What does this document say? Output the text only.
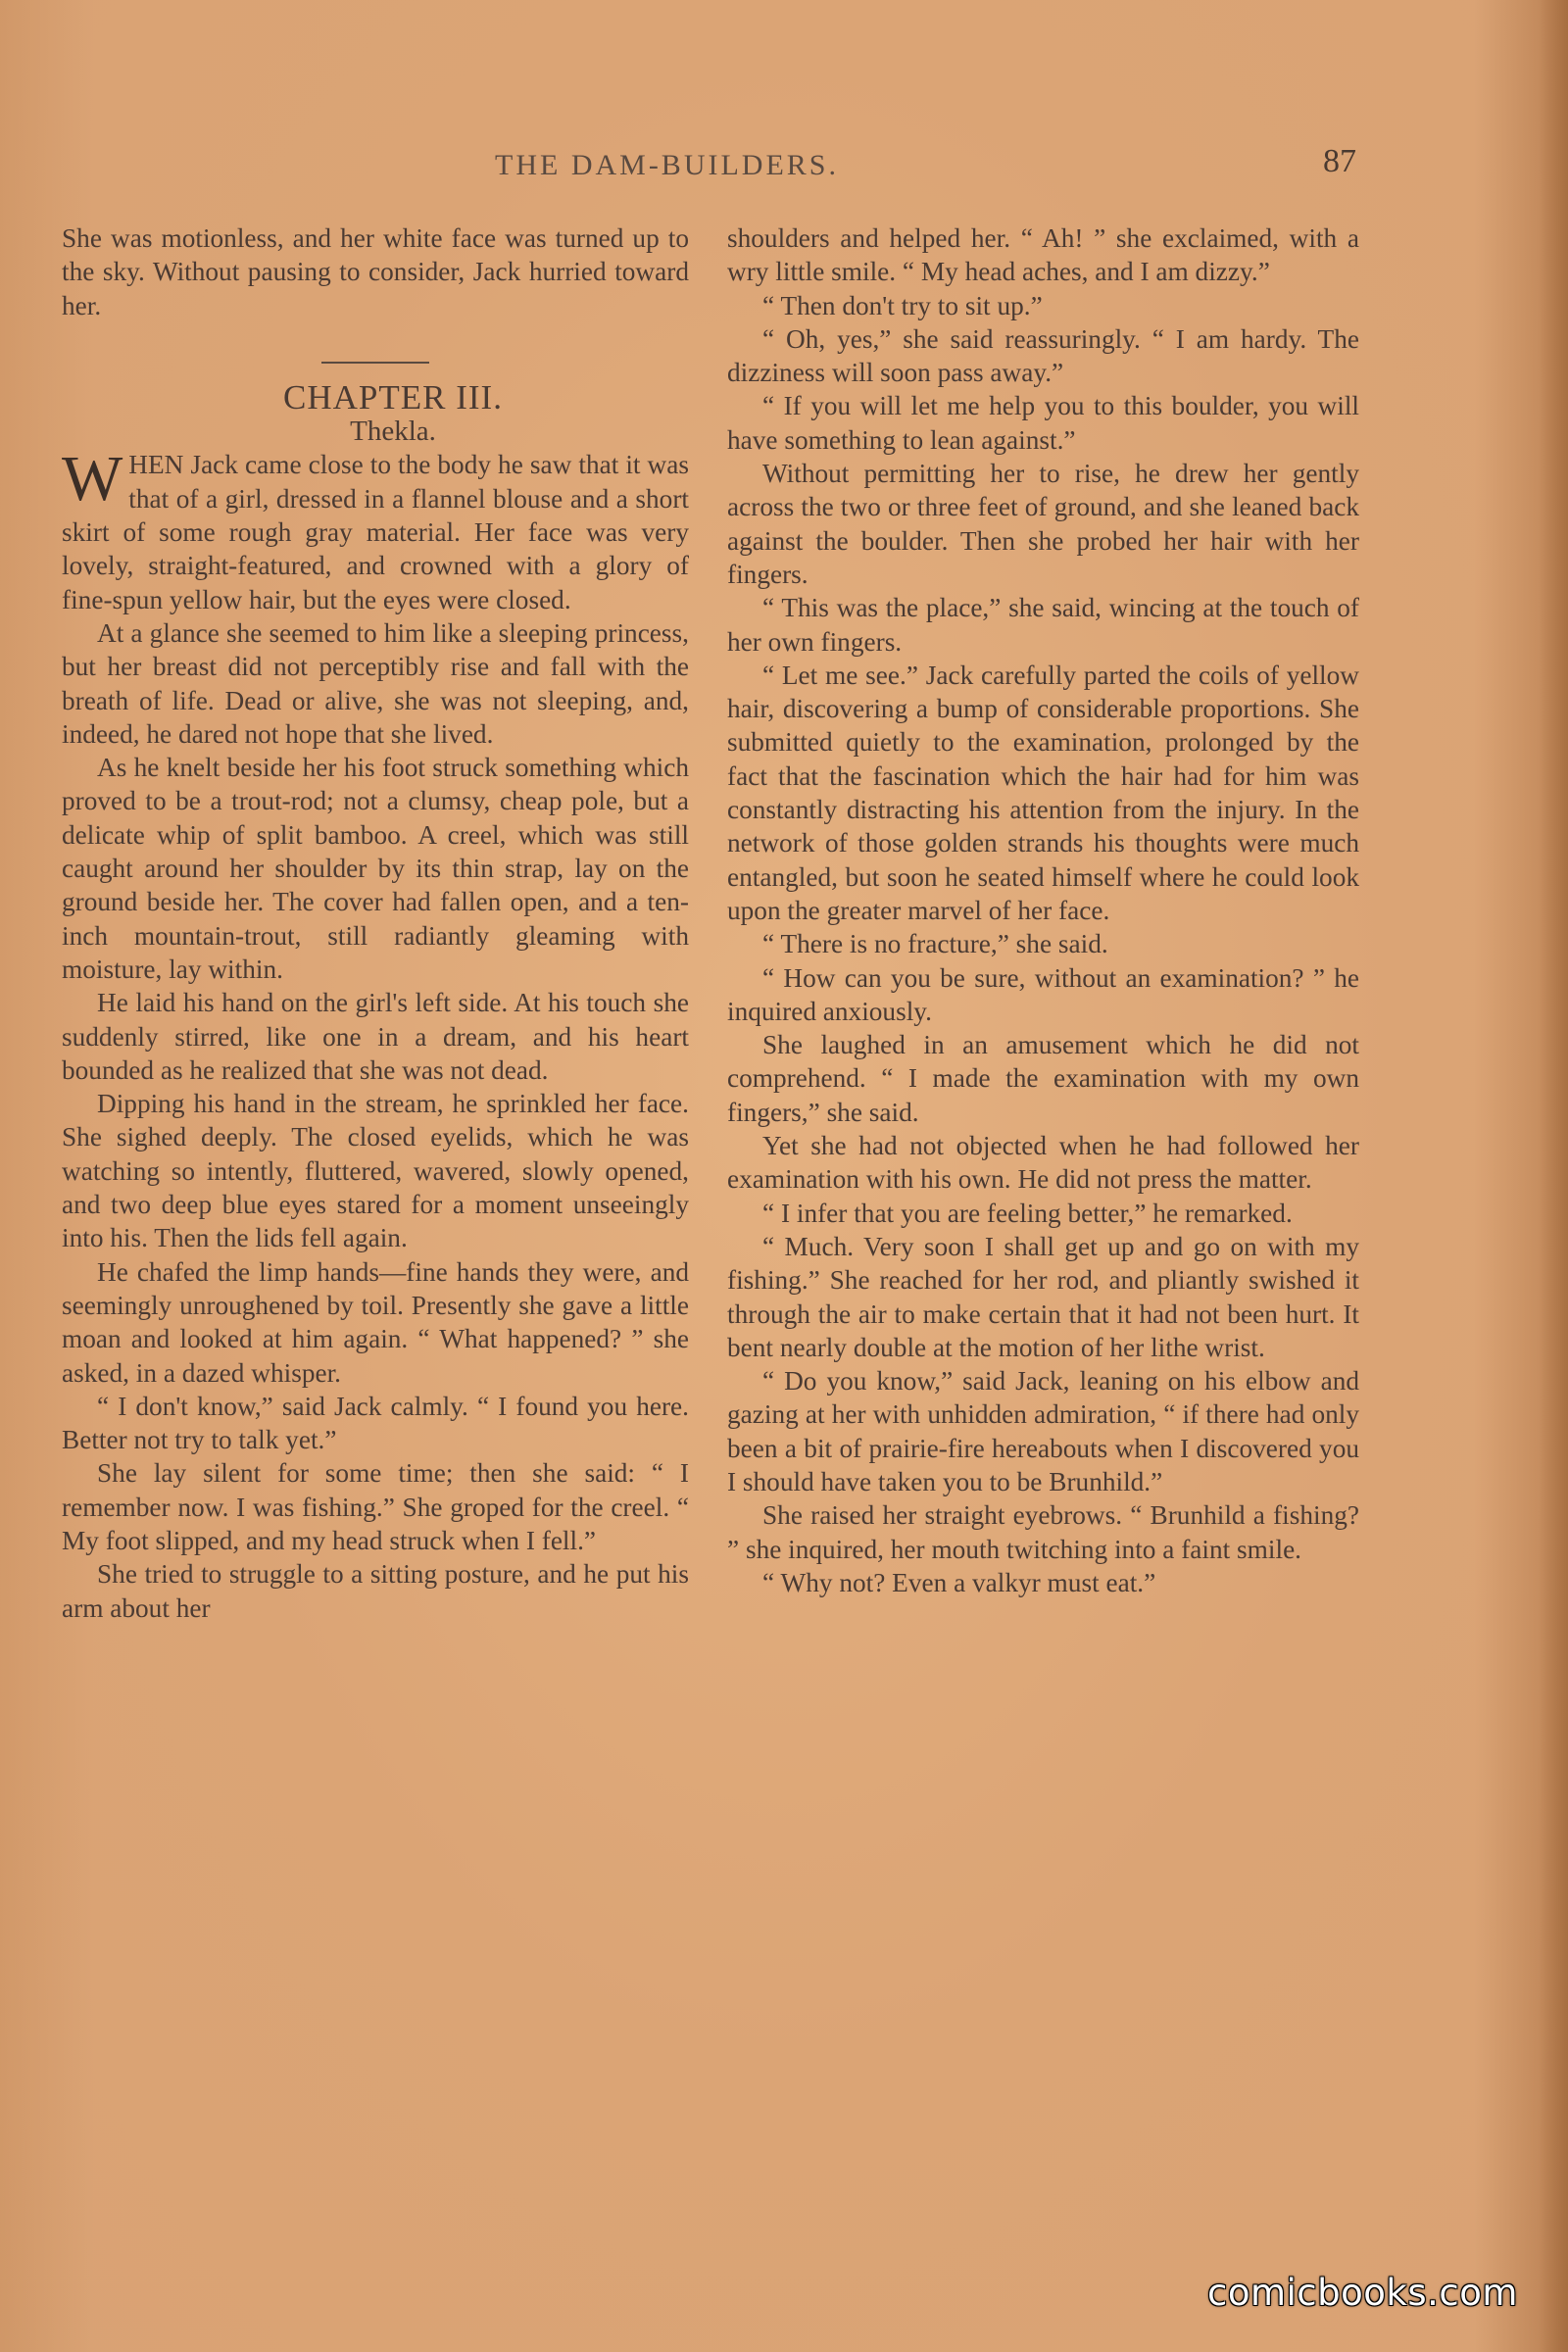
THE DAM-BUILDERS.	87

She was motionless, and her white face was turned up to the sky. Without pausing to consider, Jack hurried toward her.

CHAPTER III.

Thekla.

WHEN Jack came close to the body he saw that it was that of a girl, dressed in a flannel blouse and a short skirt of some rough gray material. Her face was very lovely, straight-featured, and crowned with a glory of fine-spun yellow hair, but the eyes were closed.

At a glance she seemed to him like a sleeping princess, but her breast did not perceptibly rise and fall with the breath of life. Dead or alive, she was not sleeping, and, indeed, he dared not hope that she lived.

As he knelt beside her his foot struck something which proved to be a trout-rod; not a clumsy, cheap pole, but a delicate whip of split bamboo. A creel, which was still caught around her shoulder by its thin strap, lay on the ground beside her. The cover had fallen open, and a ten-inch mountain-trout, still radiantly gleaming with moisture, lay within.

He laid his hand on the girl's left side. At his touch she suddenly stirred, like one in a dream, and his heart bounded as he realized that she was not dead.

Dipping his hand in the stream, he sprinkled her face. She sighed deeply. The closed eyelids, which he was watching so intently, fluttered, wavered, slowly opened, and two deep blue eyes stared for a moment unseeingly into his. Then the lids fell again.

He chafed the limp hands—fine hands they were, and seemingly unroughened by toil. Presently she gave a little moan and looked at him again. “ What happened? ” she asked, in a dazed whisper.

“ I don't know,” said Jack calmly. “ I found you here. Better not try to talk yet.”

She lay silent for some time; then she said: “ I remember now. I was fishing.” She groped for the creel. “ My foot slipped, and my head struck when I fell.”

She tried to struggle to a sitting posture, and he put his arm about her

shoulders and helped her. “ Ah! ” she exclaimed, with a wry little smile. “ My head aches, and I am dizzy.”

“ Then don't try to sit up.”

“ Oh, yes,” she said reassuringly. “ I am hardy. The dizziness will soon pass away.”

“ If you will let me help you to this boulder, you will have something to lean against.”

Without permitting her to rise, he drew her gently across the two or three feet of ground, and she leaned back against the boulder. Then she probed her hair with her fingers.

“ This was the place,” she said, wincing at the touch of her own fingers.

“ Let me see.” Jack carefully parted the coils of yellow hair, discovering a bump of considerable proportions. She submitted quietly to the examination, prolonged by the fact that the fascination which the hair had for him was constantly distracting his attention from the injury. In the network of those golden strands his thoughts were much entangled, but soon he seated himself where he could look upon the greater marvel of her face.

“ There is no fracture,” she said.

“ How can you be sure, without an examination? ” he inquired anxiously.

She laughed in an amusement which he did not comprehend. “ I made the examination with my own fingers,” she said.

Yet she had not objected when he had followed her examination with his own. He did not press the matter.

“ I infer that you are feeling better,” he remarked.

“ Much. Very soon I shall get up and go on with my fishing.” She reached for her rod, and pliantly swished it through the air to make certain that it had not been hurt. It bent nearly double at the motion of her lithe wrist.

“ Do you know,” said Jack, leaning on his elbow and gazing at her with unhidden admiration, “ if there had only been a bit of prairie-fire hereabouts when I discovered you I should have taken you to be Brunhild.”

She raised her straight eyebrows. “ Brunhild a fishing? ” she inquired, her mouth twitching into a faint smile.

“ Why not? Even a valkyr must eat.”

comicbooks.com
